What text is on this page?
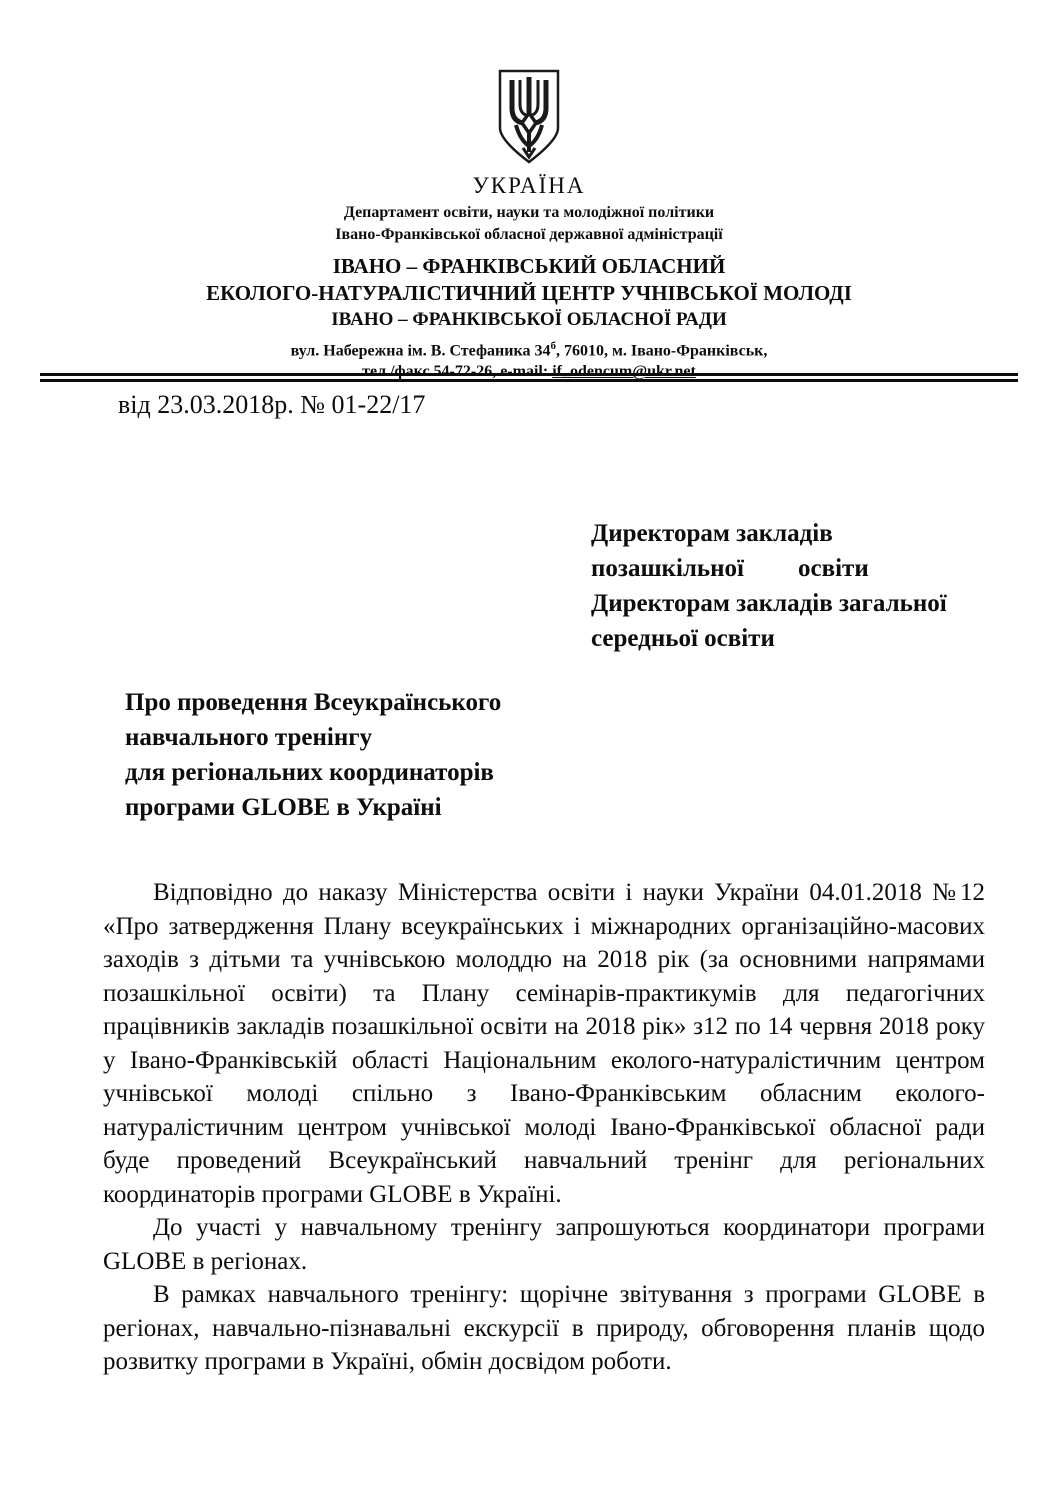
УКРАЇНА
Департамент освіти, науки та молодіжної політики
Івано-Франківської обласної державної адміністрації
ІВАНО – ФРАНКІВСЬКИЙ ОБЛАСНИЙ
ЕКОЛОГО-НАТУРАЛІСТИЧНИЙ ЦЕНТР УЧНІВСЬКОЇ МОЛОДІ
ІВАНО – ФРАНКІВСЬКОЇ ОБЛАСНОЇ РАДИ
вул. Набережна ім. В. Стефаника $34^б$, 76010, м. Івано-Франківськ,
тел./факс 54-72-26, e-mail: if_odencum@ukr.net
від 23.03.2018р. № 01-22/17
Директорам закладів
позашкільної освіти
Директорам закладів загальної
середньої освіти
Про проведення Всеукраїнського
навчального тренінгу
для регіональних координаторів
програми GLOBE в Україні

Відповідно до наказу Міністерства освіти і науки України 04.01.2018 №12 «Про затвердження Плану всеукраїнських і міжнародних організаційно-масових заходів з дітьми та учнівською молоддю на 2018 рік (за основними напрямами позашкільної освіти) та Плану семінарів-практикумів для педагогічних працівників закладів позашкільної освіти на 2018 рік» з12 по 14 червня 2018 року у Івано-Франківській області Національним еколого-натуралістичним центром учнівської молоді спільно з Івано-Франківським обласним еколого-натуралістичним центром учнівської молоді Івано-Франківської обласної ради буде проведений Всеукраїнський навчальний тренінг для регіональних координаторів програми GLOBE в Україні.

До участі у навчальному тренінгу запрошуються координатори програми GLOBE в регіонах.

В рамках навчального тренінгу: щорічне звітування з програми GLOBE в регіонах, навчально-пізнавальні екскурсії в природу, обговорення планів щодо розвитку програми в Україні, обмін досвідом роботи.
